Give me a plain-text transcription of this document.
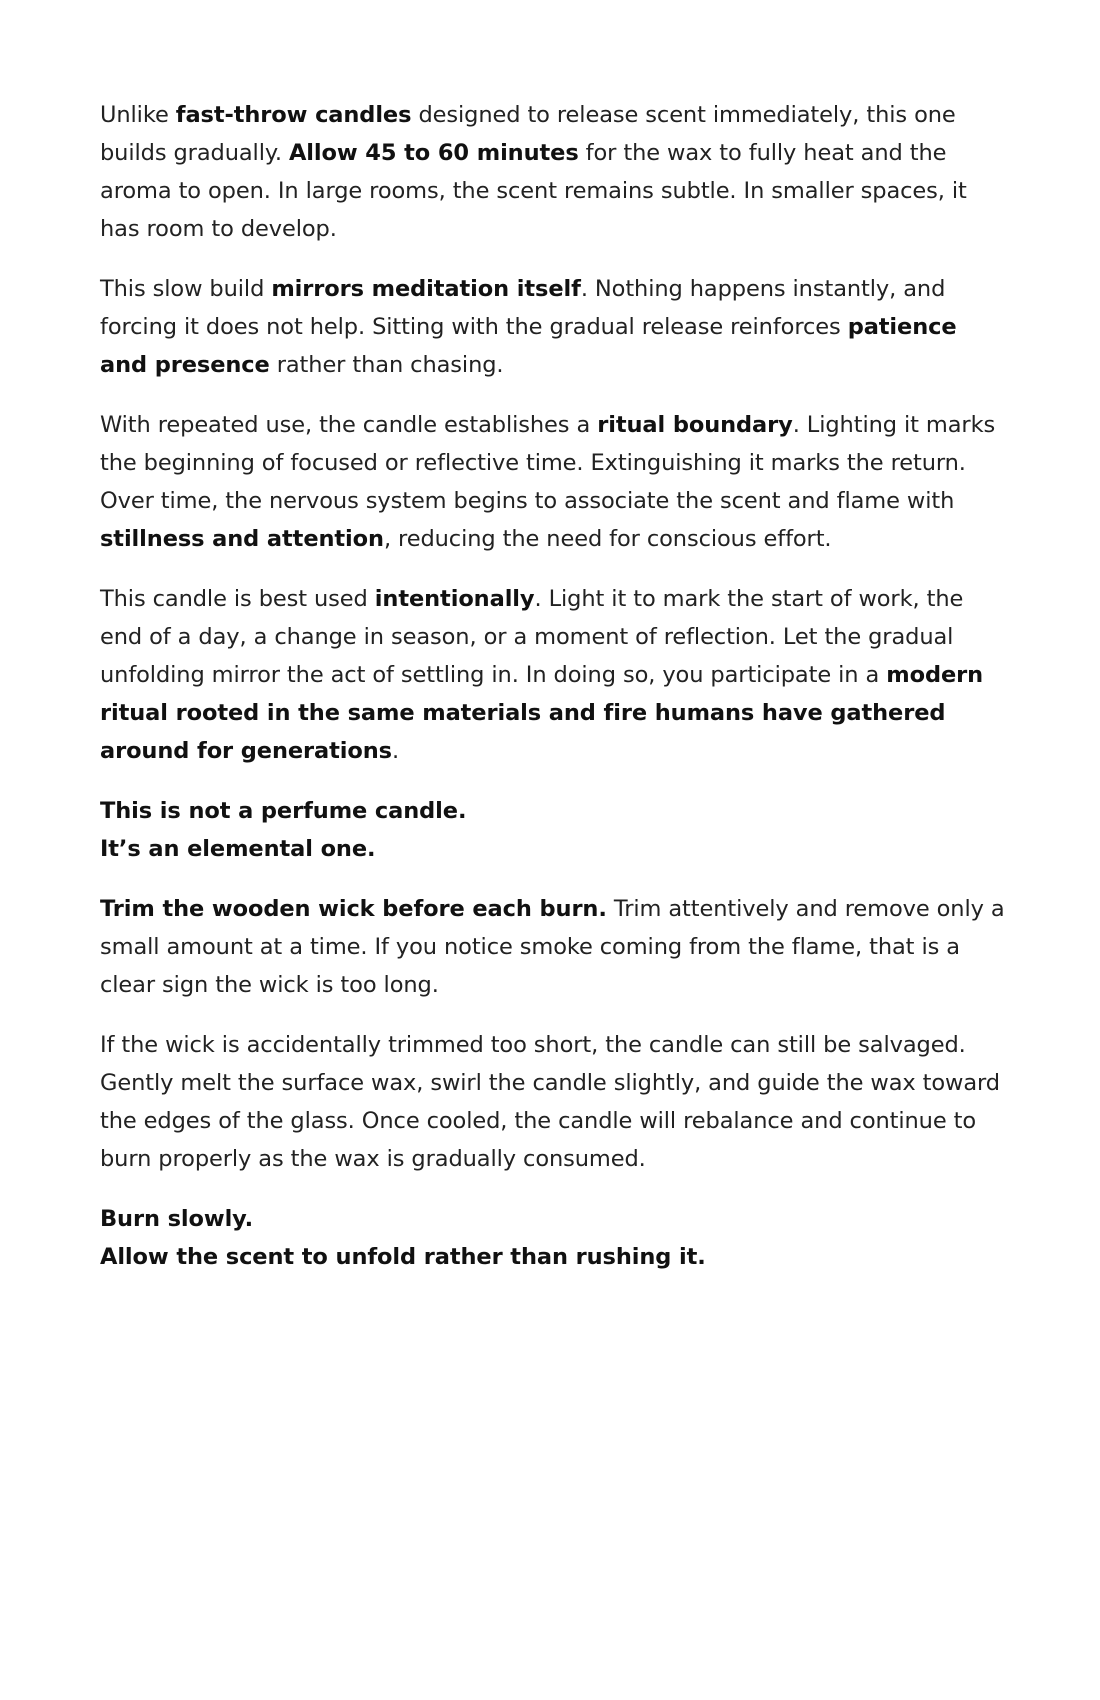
Unlike fast-throw candles designed to release scent immediately, this one builds gradually. Allow 45 to 60 minutes for the wax to fully heat and the aroma to open. In large rooms, the scent remains subtle. In smaller spaces, it has room to develop.

This slow build mirrors meditation itself. Nothing happens instantly, and forcing it does not help. Sitting with the gradual release reinforces patience and presence rather than chasing.

With repeated use, the candle establishes a ritual boundary. Lighting it marks the beginning of focused or reflective time. Extinguishing it marks the return. Over time, the nervous system begins to associate the scent and flame with stillness and attention, reducing the need for conscious effort.

This candle is best used intentionally. Light it to mark the start of work, the end of a day, a change in season, or a moment of reflection. Let the gradual unfolding mirror the act of settling in. In doing so, you participate in a modern ritual rooted in the same materials and fire humans have gathered around for generations.

This is not a perfume candle.
It’s an elemental one.

Trim the wooden wick before each burn. Trim attentively and remove only a small amount at a time. If you notice smoke coming from the flame, that is a clear sign the wick is too long.

If the wick is accidentally trimmed too short, the candle can still be salvaged. Gently melt the surface wax, swirl the candle slightly, and guide the wax toward the edges of the glass. Once cooled, the candle will rebalance and continue to burn properly as the wax is gradually consumed.

Burn slowly.
Allow the scent to unfold rather than rushing it.
